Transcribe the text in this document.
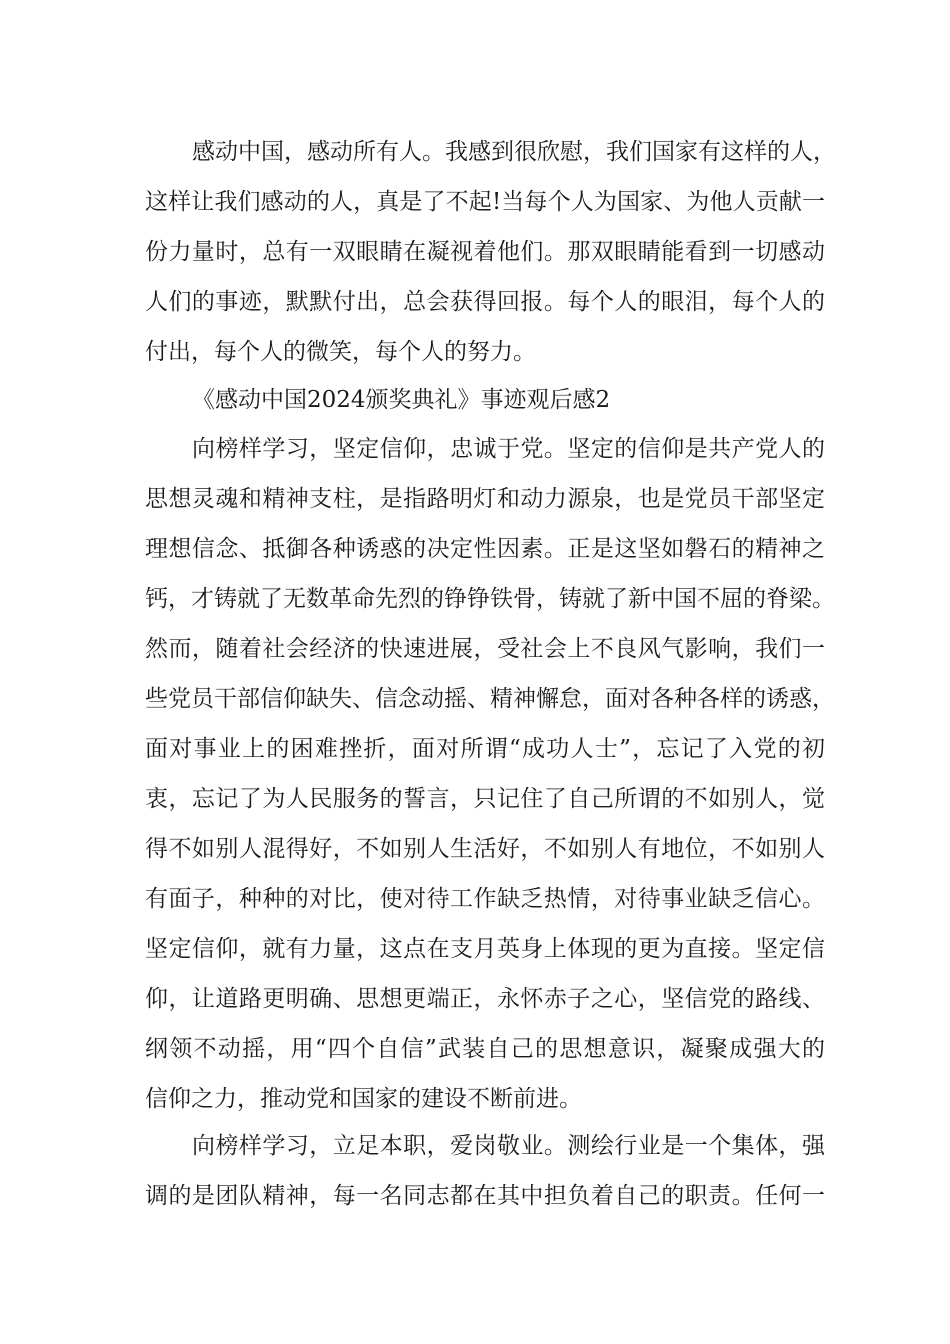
感动中国，感动所有人。我感到很欣慰，我们国家有这样的人，
这样让我们感动的人，真是了不起!当每个人为国家、为他人贡献一
份力量时，总有一双眼睛在凝视着他们。那双眼睛能看到一切感动
人们的事迹，默默付出，总会获得回报。每个人的眼泪，每个人的
付出，每个人的微笑，每个人的努力。
《感动中国2024颁奖典礼》事迹观后感2
向榜样学习，坚定信仰，忠诚于党。坚定的信仰是共产党人的
思想灵魂和精神支柱，是指路明灯和动力源泉，也是党员干部坚定
理想信念、抵御各种诱惑的决定性因素。正是这坚如磐石的精神之
钙，才铸就了无数革命先烈的铮铮铁骨，铸就了新中国不屈的脊梁。
然而，随着社会经济的快速进展，受社会上不良风气影响，我们一
些党员干部信仰缺失、信念动摇、精神懈怠，面对各种各样的诱惑，
面对事业上的困难挫折，面对所谓“成功人士”，忘记了入党的初
衷，忘记了为人民服务的誓言，只记住了自己所谓的不如别人，觉
得不如别人混得好，不如别人生活好，不如别人有地位，不如别人
有面子，种种的对比，使对待工作缺乏热情，对待事业缺乏信心。
坚定信仰，就有力量，这点在支月英身上体现的更为直接。坚定信
仰，让道路更明确、思想更端正，永怀赤子之心，坚信党的路线、
纲领不动摇，用“四个自信”武装自己的思想意识，凝聚成强大的
信仰之力，推动党和国家的建设不断前进。
向榜样学习，立足本职，爱岗敬业。测绘行业是一个集体，强
调的是团队精神，每一名同志都在其中担负着自己的职责。任何一
